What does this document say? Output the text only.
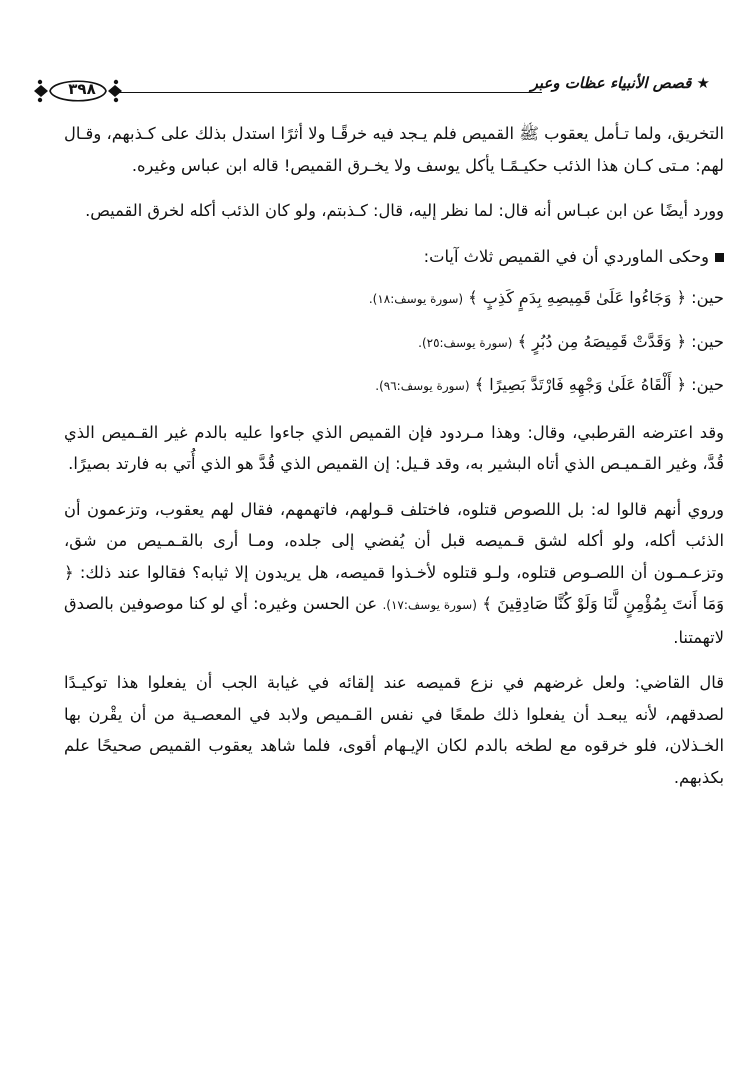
★ قصص الأنبياء عظات وعبر
٣٩٨

التخريق، ولما تـأمل يعقوب ﷺ القميص فلم يـجد فيه خرقًـا ولا أثرًا استدل بذلك على كـذبهم، وقـال لهم: مـتى كـان هذا الذئب حكيـمًـا يأكل يوسف ولا يخـرق القميص! قاله ابن عباس وغيره.

وورد أيضًا عن ابن عبـاس أنه قال: لما نظر إليه، قال: كـذبتم، ولو كان الذئب أكله لخرق القميص.

وحكى الماوردي أن في القميص ثلاث آيات:
حين: ﴿ وَجَاءُوا عَلَىٰ قَمِيصِهِ بِدَمٍ كَذِبٍ ﴾ (سورة يوسف:١٨).
حين: ﴿ وَقَدَّتْ قَمِيصَهُ مِن دُبُرٍ ﴾ (سورة يوسف:٢٥).
حين: ﴿ أَلْقَاهُ عَلَىٰ وَجْهِهِ فَارْتَدَّ بَصِيرًا ﴾ (سورة يوسف:٩٦).

وقد اعترضه القرطبي، وقال: وهذا مـردود فإن القميص الذي جاءوا عليه بالدم غير القـميص الذي قُدَّ، وغير القـميـص الذي أتاه البشير به، وقد قـيل: إن القميص الذي قُدَّ هو الذي أُتي به فارتد بصيرًا.

وروي أنهم قالوا له: بل اللصوص قتلوه، فاختلف قـولهم، فاتهمهم، فقال لهم يعقوب، وتزعمون أن الذئب أكله، ولو أكله لشق قـميصه قبل أن يُفضي إلى جلده، ومـا أرى بالقـمـيص من شق، وتزعـمـون أن اللصـوص قتلوه، ولـو قتلوه لأخـذوا قميصه، هل يريدون إلا ثيابه؟ فقالوا عند ذلك: ﴿ وَمَا أَنتَ بِمُؤْمِنٍ لَّنَا وَلَوْ كُنَّا صَادِقِينَ ﴾ (سورة يوسف:١٧). عن الحسن وغيره: أي لو كنا موصوفين بالصدق لاتهمتنا.

قال القاضي: ولعل غرضهم في نزع قميصه عند إلقائه في غيابة الجب أن يفعلوا هذا توكيـدًا لصدقهم، لأنه يبعـد أن يفعلوا ذلك طمعًا في نفس القـميص ولابد في المعصـية من أن يقْرن بها الخـذلان، فلو خرقوه مع لطخه بالدم لكان الإيـهام أقوى، فلما شاهد يعقوب القميص صحيحًا علم بكذبهم.
